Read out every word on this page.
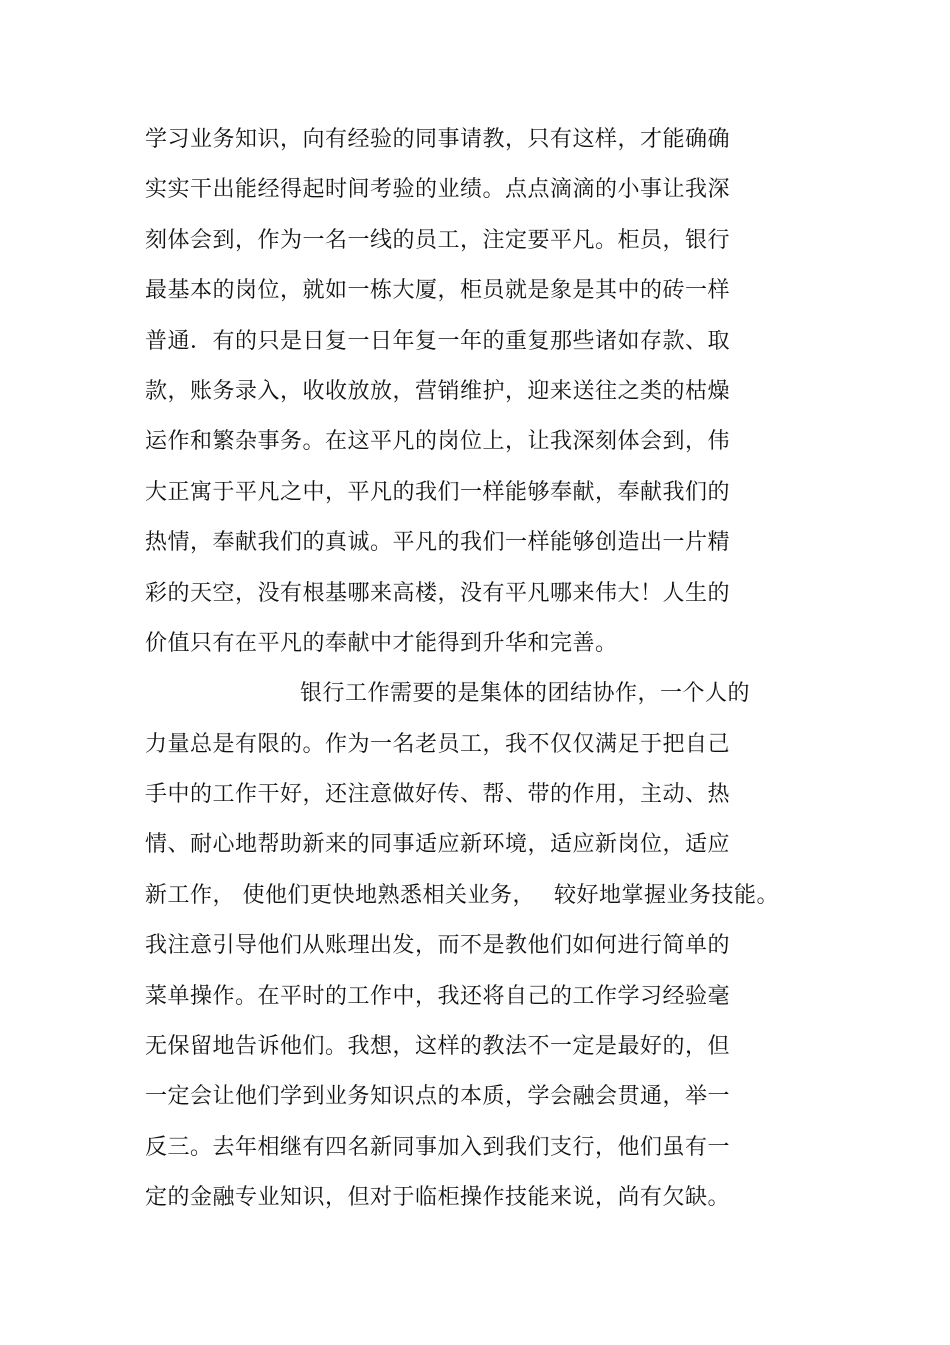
学习业务知识，向有经验的同事请教，只有这样，才能确确
实实干出能经得起时间考验的业绩。点点滴滴的小事让我深
刻体会到，作为一名一线的员工，注定要平凡。柜员，银行
最基本的岗位，就如一栋大厦，柜员就是象是其中的砖一样
普通．有的只是日复一日年复一年的重复那些诸如存款、取
款，账务录入，收收放放，营销维护，迎来送往之类的枯燥
运作和繁杂事务。在这平凡的岗位上，让我深刻体会到，伟
大正寓于平凡之中，平凡的我们一样能够奉献，奉献我们的
热情，奉献我们的真诚。平凡的我们一样能够创造出一片精
彩的天空，没有根基哪来高楼，没有平凡哪来伟大！人生的
价值只有在平凡的奉献中才能得到升华和完善。
银行工作需要的是集体的团结协作，一个人的
力量总是有限的。作为一名老员工，我不仅仅满足于把自己
手中的工作干好，还注意做好传、帮、带的作用，主动、热
情、耐心地帮助新来的同事适应新环境，适应新岗位，适应
新工作， 使他们更快地熟悉相关业务，　 较好地掌握业务技能。
我注意引导他们从账理出发，而不是教他们如何进行简单的
菜单操作。在平时的工作中，我还将自己的工作学习经验毫
无保留地告诉他们。我想，这样的教法不一定是最好的，但
一定会让他们学到业务知识点的本质，学会融会贯通，举一
反三。去年相继有四名新同事加入到我们支行，他们虽有一
定的金融专业知识，但对于临柜操作技能来说，尚有欠缺。
